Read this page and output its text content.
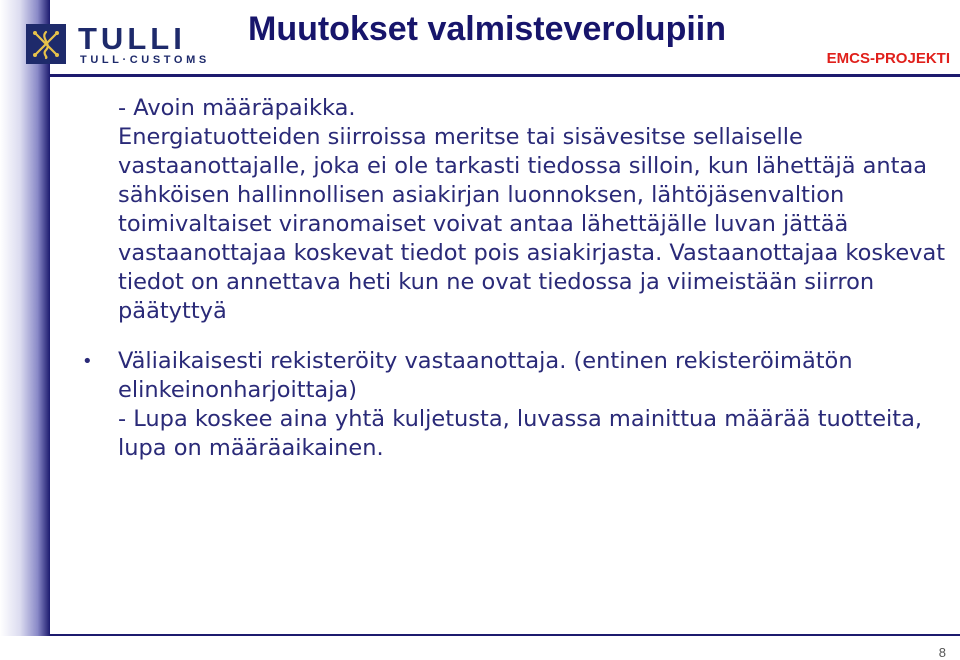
TULLI
TULL·CUSTOMS
Muutokset valmisteverolupiin
EMCS-PROJEKTI

- Avoin määräpaikka.

Energiatuotteiden siirroissa meritse tai sisävesitse sellaiselle vastaanottajalle, joka ei ole tarkasti tiedossa silloin, kun lähettäjä antaa sähköisen hallinnollisen asiakirjan luonnoksen, lähtöjäsenvaltion toimivaltaiset viranomaiset voivat antaa lähettäjälle luvan jättää vastaanottajaa koskevat tiedot pois asiakirjasta. Vastaanottajaa koskevat tiedot on annettava heti kun ne ovat tiedossa ja viimeistään siirron päätyttyä

• Väliaikaisesti rekisteröity vastaanottaja. (entinen rekisteröimätön elinkeinonharjoittaja)

- Lupa koskee aina yhtä kuljetusta, luvassa mainittua määrää tuotteita, lupa on määräaikainen.

8
